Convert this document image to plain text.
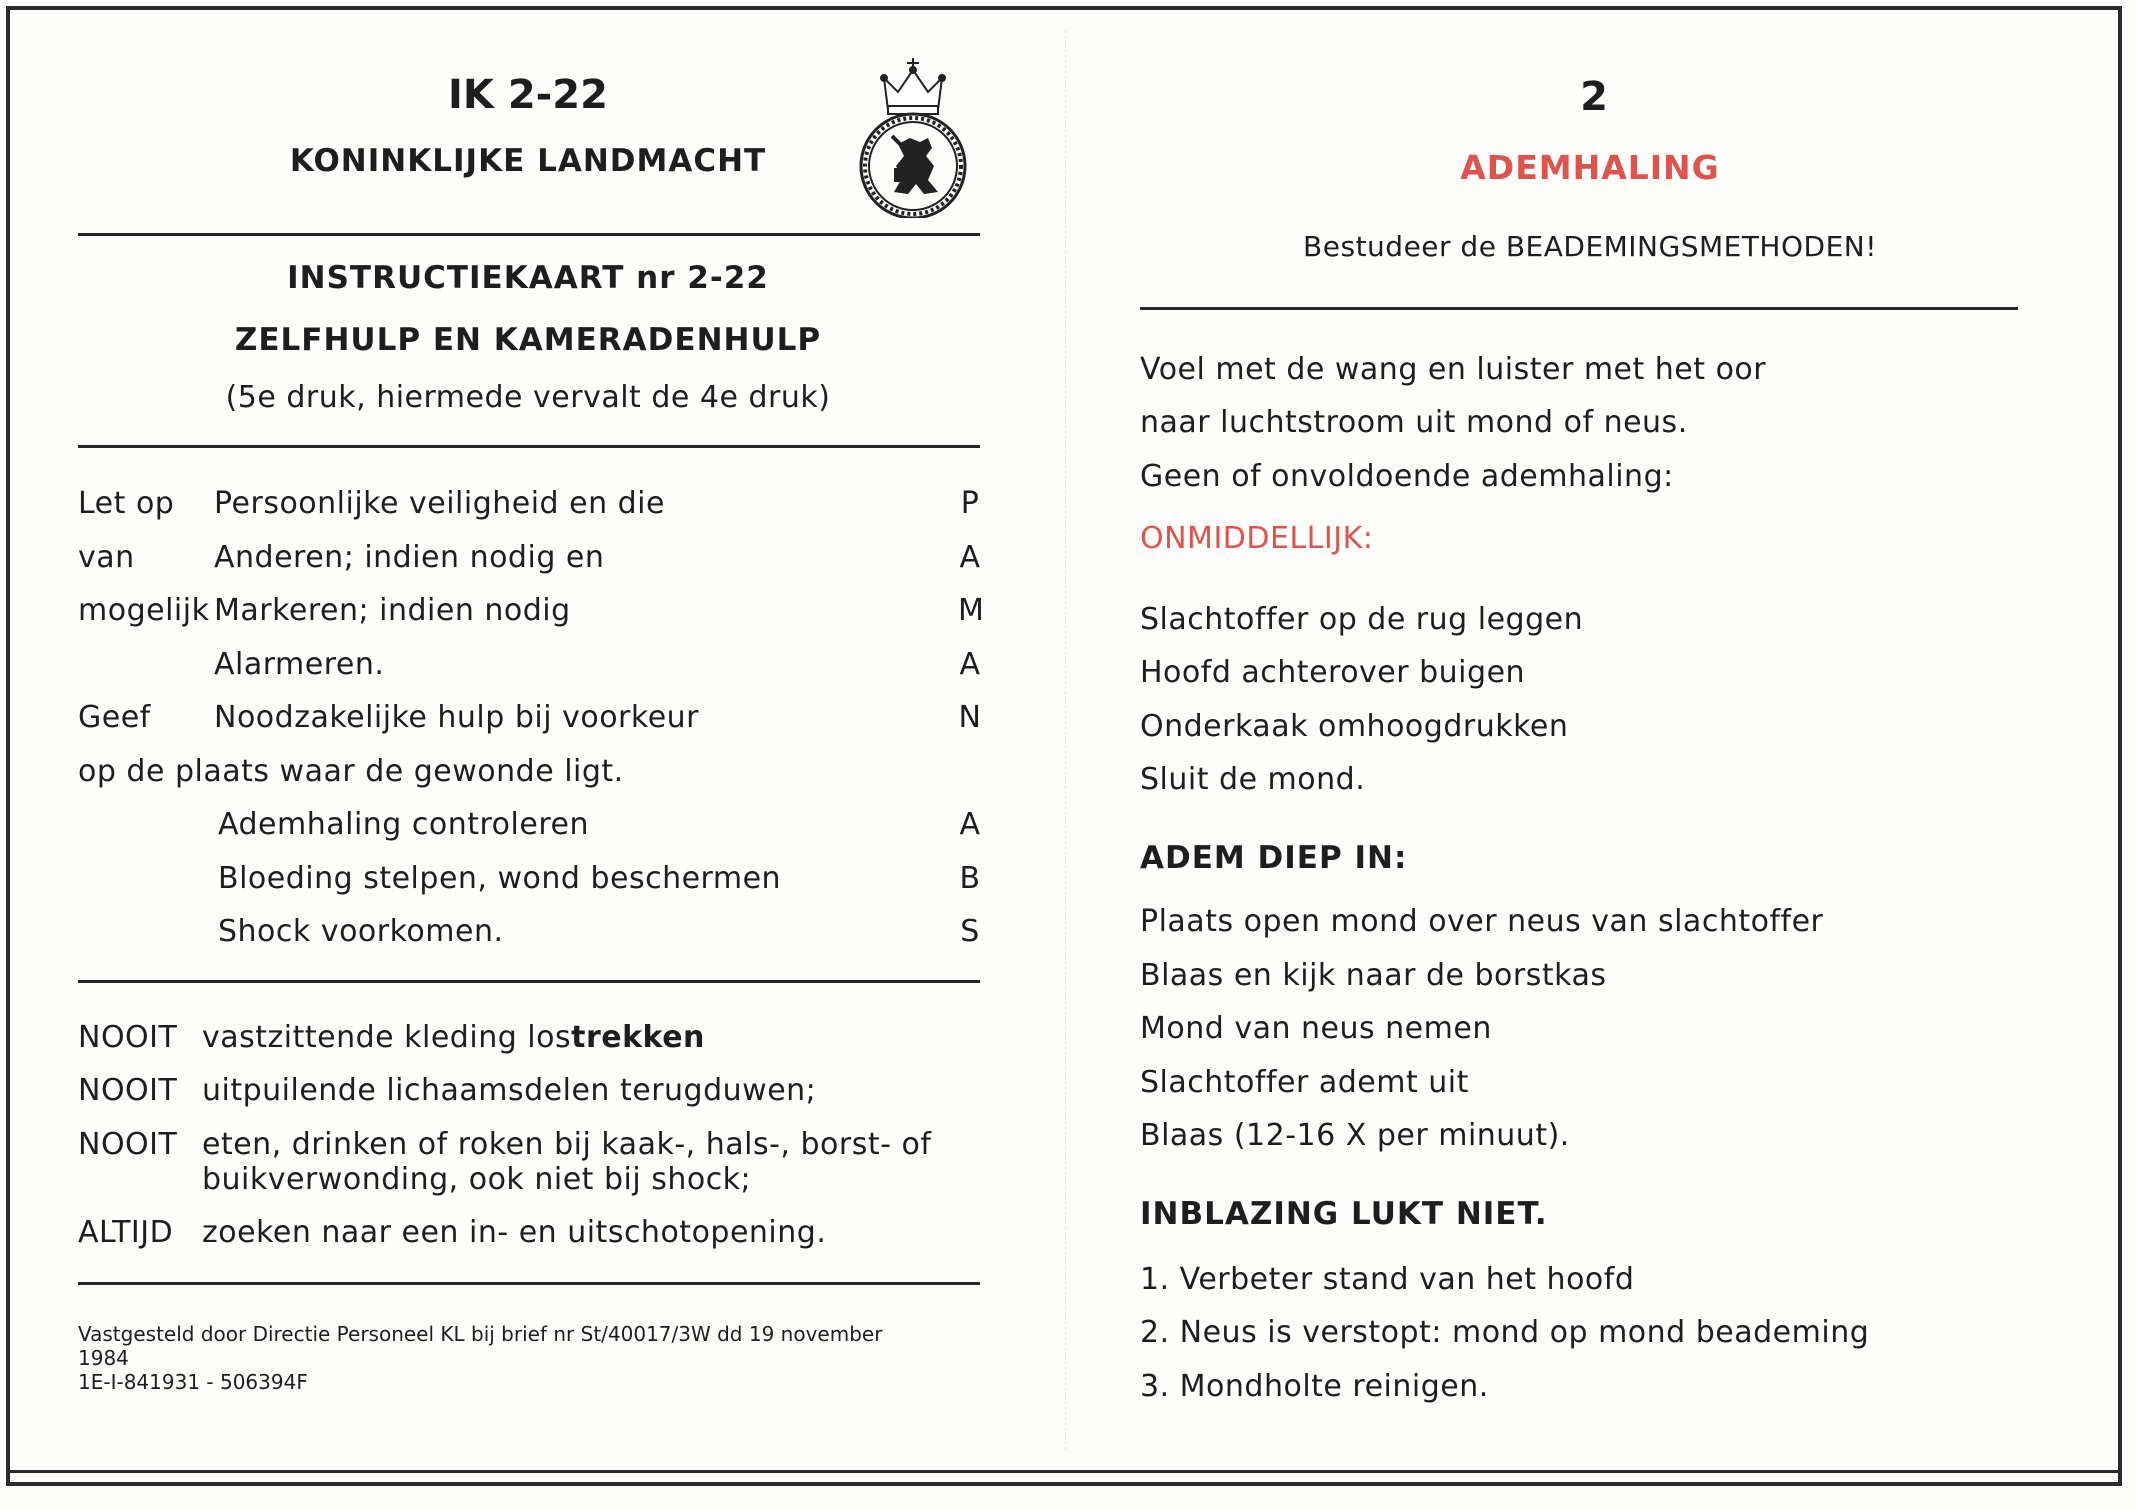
IK 2-22
KONINKLIJKE LANDMACHT
INSTRUCTIEKAART nr 2-22
ZELFHULP EN KAMERADENHULP
(5e druk, hiermede vervalt de 4e druk)
Let op Persoonlijke veiligheid en die	P
van	Anderen; indien nodig en	A
mogelijk Markeren; indien nodig	M
Alarmeren.	A
Geef Noodzakelijke hulp bij voorkeur	N
op de plaats waar de gewonde ligt.
Ademhaling controleren	A
Bloeding stelpen, wond beschermen	B
Shock voorkomen.	S
NOOIT vastzittende kleding lostrekken
NOOIT uitpuilende lichaamsdelen terugduwen;
NOOIT eten, drinken of roken bij kaak-, hals-, borst- of
buikverwonding, ook niet bij shock;
ALTIJD zoeken naar een in- en uitschotopening.
Vastgesteld door Directie Personeel KL bij brief nr St/40017/3W dd 19 november
1984
1E-I-841931 - 506394F
2
ADEMHALING
Bestudeer de BEADEMINGSMETHODEN!
Voel met de wang en luister met het oor
naar luchtstroom uit mond of neus.
Geen of onvoldoende ademhaling:
ONMIDDELLIJK:
Slachtoffer op de rug leggen
Hoofd achterover buigen
Onderkaak omhoogdrukken
Sluit de mond.
ADEM DIEP IN:
Plaats open mond over neus van slachtoffer
Blaas en kijk naar de borstkas
Mond van neus nemen
Slachtoffer ademt uit
Blaas (12-16 X per minuut).
INBLAZING LUKT NIET.
1. Verbeter stand van het hoofd
2. Neus is verstopt: mond op mond beademing
3. Mondholte reinigen.
